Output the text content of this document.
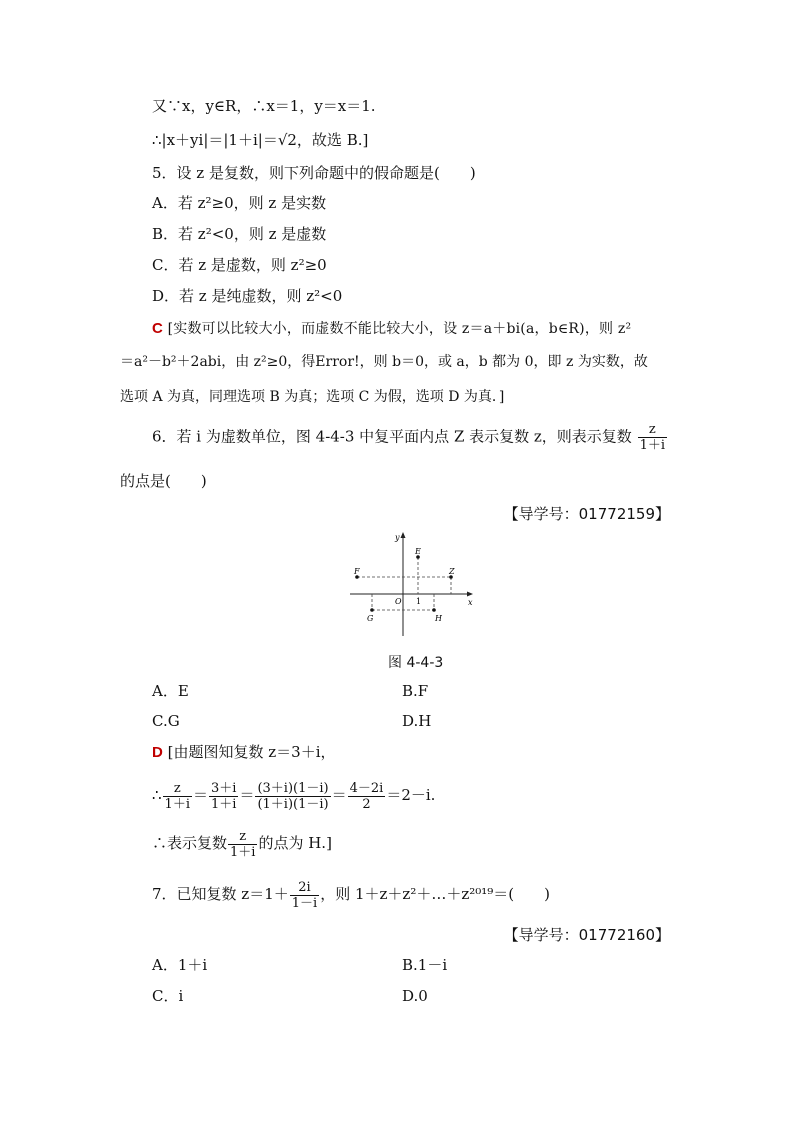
又∵x，y∈R，∴x＝1，y＝x＝1.
∴|x＋yi|＝|1＋i|＝√2，故选 B.]
5．设 z 是复数，则下列命题中的假命题是(　　)
A．若 z²≥0，则 z 是实数
B．若 z²<0，则 z 是虚数
C．若 z 是虚数，则 z²≥0
D．若 z 是纯虚数，则 z²<0
C [实数可以比较大小，而虚数不能比较大小，设 z＝a＋bi(a，b∈R)，则 z²
＝a²－b²＋2abi，由 z²≥0，得Error!，则 b＝0，或 a，b 都为 0，即 z 为实数，故
选项 A 为真，同理选项 B 为真；选项 C 为假，选项 D 为真．]
6．若 i 为虚数单位，图 4-4-3 中复平面内点 Z 表示复数 z，则表示复数 $\frac{z}{1+i}$
的点是(　　)
【导学号：01772159】
y
x
O 1
E
F	Z
G	H
图 4-4-3
A．E	B.F
C.G	D.H
D [由题图知复数 z＝3＋i，
∴ $\frac{z}{1+i} = \frac{3+i}{1+i} = \frac{(3+i)(1-i)}{(1+i)(1-i)} = \frac{4-2i}{2} =2-i$.
∴表示复数 $\frac{z}{1+i}$ 的点为 H.]
7．已知复数 $z=1+ \frac{2i}{1-i}$ ，则 1＋z＋z²＋…＋z²⁰¹⁹＝(　　)
【导学号：01772160】
A．1＋i	B.1－i
C．i	D.0
